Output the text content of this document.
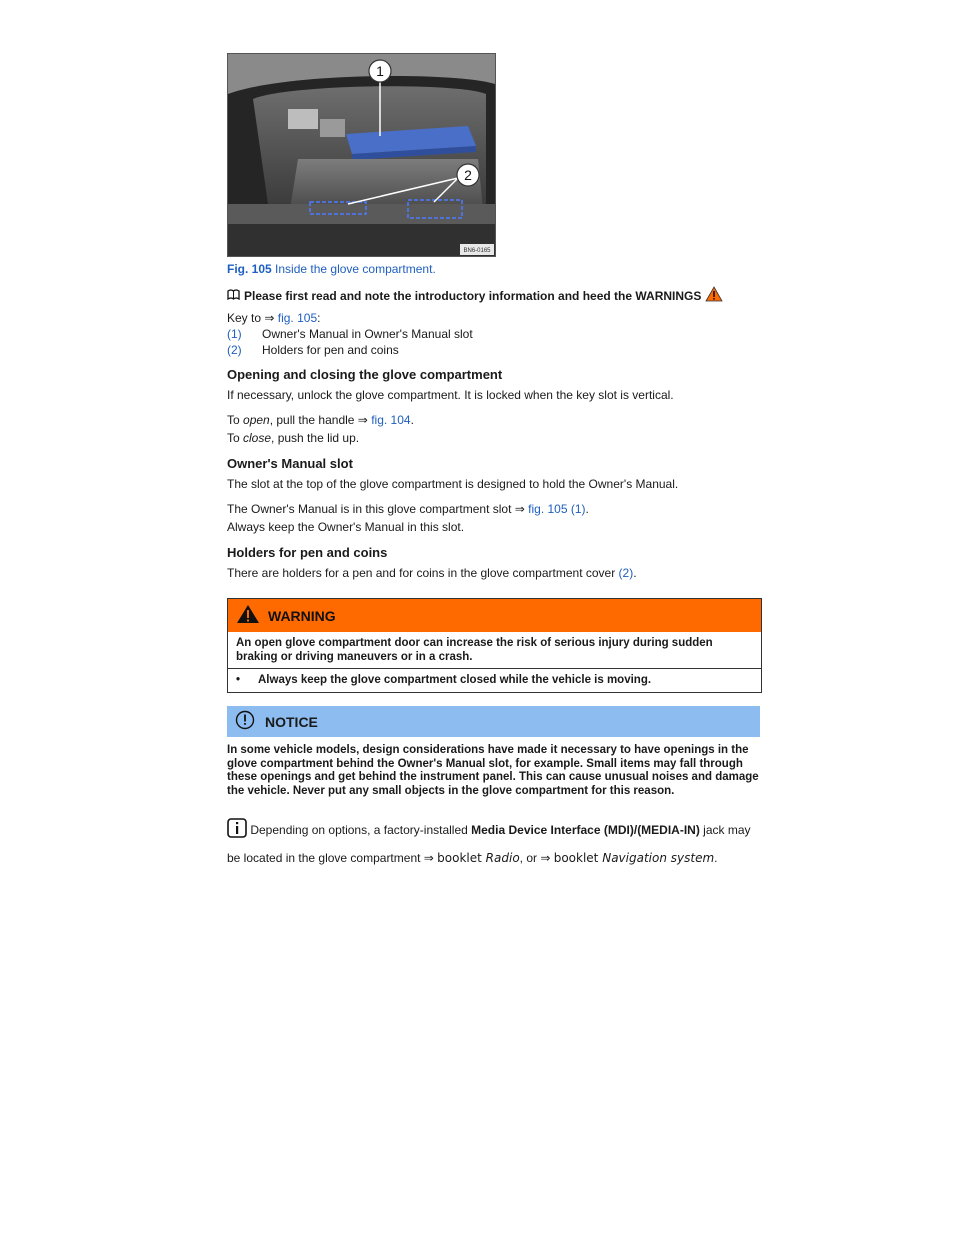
1
2
BN6-0165
Fig. 105 Inside the glove compartment.
Please first read and note the introductory information and heed the WARNINGS
Key to ⇒ fig. 105:
(1)	Owner's Manual in Owner's Manual slot
(2)	Holders for pen and coins
Opening and closing the glove compartment
If necessary, unlock the glove compartment. It is locked when the key slot is vertical.
To open, pull the handle ⇒ fig. 104.
To close, push the lid up.
Owner's Manual slot
The slot at the top of the glove compartment is designed to hold the Owner's Manual.
The Owner's Manual is in this glove compartment slot ⇒ fig. 105 (1).
Always keep the Owner's Manual in this slot.
Holders for pen and coins
There are holders for a pen and for coins in the glove compartment cover (2).
WARNING
An open glove compartment door can increase the risk of serious injury during sudden braking or driving maneuvers or in a crash.
•	Always keep the glove compartment closed while the vehicle is moving.
NOTICE
In some vehicle models, design considerations have made it necessary to have openings in the glove compartment behind the Owner's Manual slot, for example. Small items may fall through these openings and get behind the instrument panel. This can cause unusual noises and damage the vehicle. Never put any small objects in the glove compartment for this reason.
Depending on options, a factory-installed Media Device Interface (MDI)/(MEDIA-IN) jack may be located in the glove compartment ⇒ booklet Radio, or ⇒ booklet Navigation system.
